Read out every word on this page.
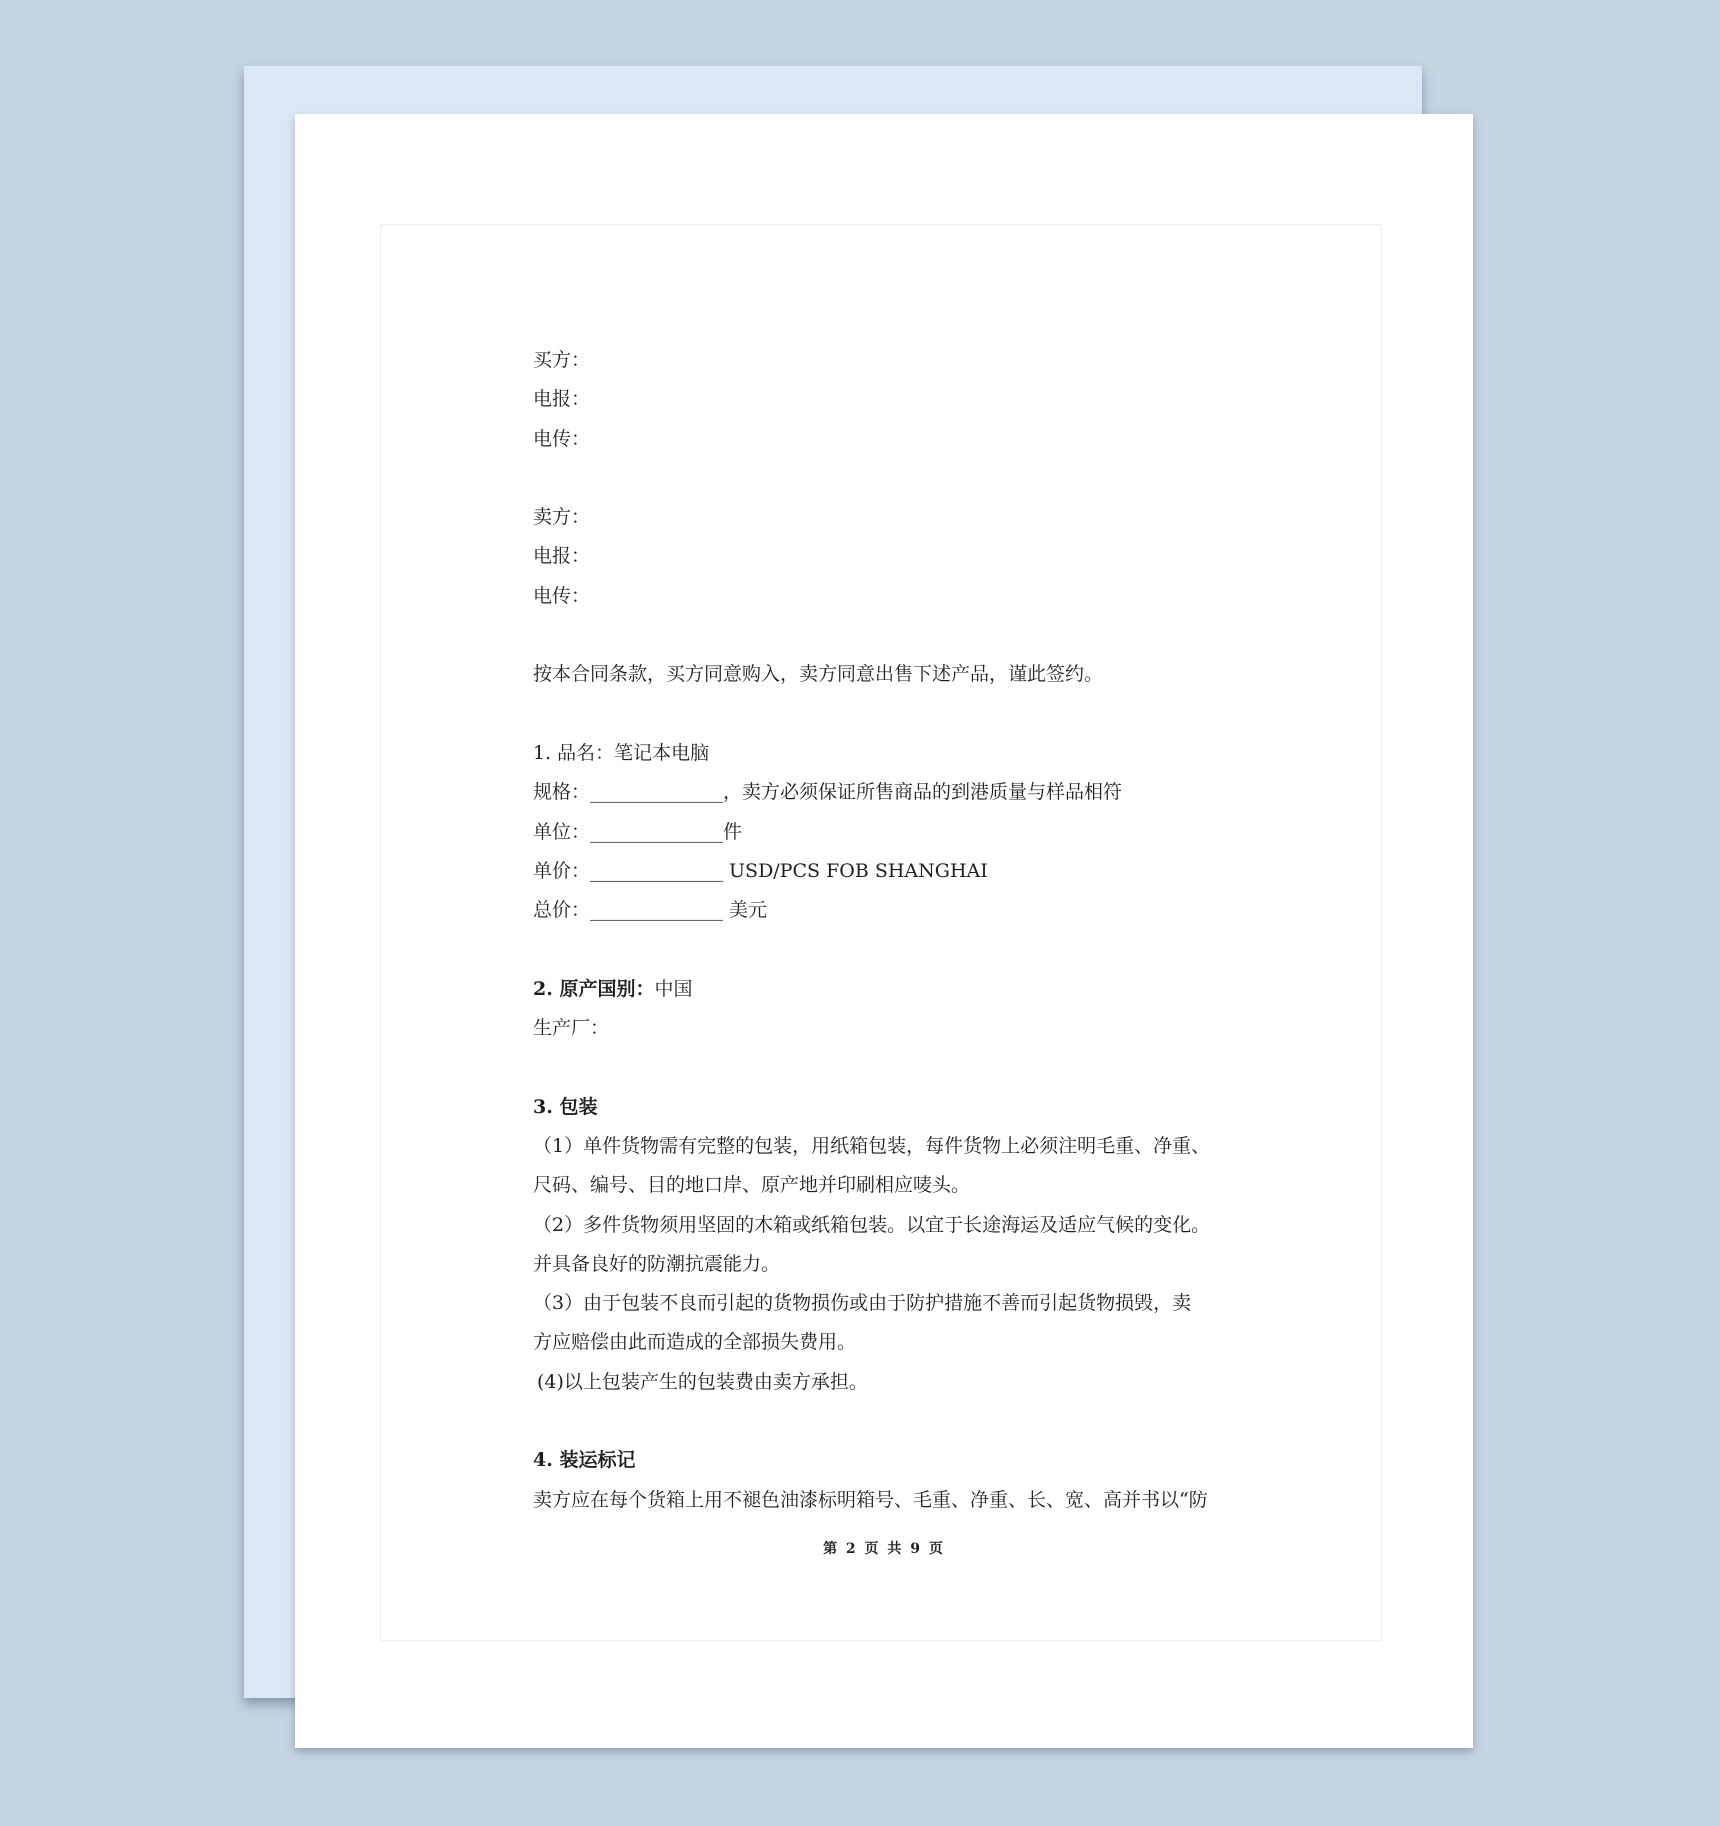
买方：
电报：
电传：
卖方：
电报：
电传：
按本合同条款，买方同意购入，卖方同意出售下述产品，谨此签约。
1. 品名：笔记本电脑
规格：______________，卖方必须保证所售商品的到港质量与样品相符
单位：______________件
单价：______________ USD/PCS FOB SHANGHAI
总价：______________ 美元
2. 原产国别：中国
生产厂：
3. 包装
（1）单件货物需有完整的包装，用纸箱包装，每件货物上必须注明毛重、净重、
尺码、编号、目的地口岸、原产地并印刷相应唛头。
（2）多件货物须用坚固的木箱或纸箱包装。以宜于长途海运及适应气候的变化。
并具备良好的防潮抗震能力。
（3）由于包装不良而引起的货物损伤或由于防护措施不善而引起货物损毁，卖
方应赔偿由此而造成的全部损失费用。
(4)以上包装产生的包装费由卖方承担。
4. 装运标记
卖方应在每个货箱上用不褪色油漆标明箱号、毛重、净重、长、宽、高并书以“防
第 2 页 共 9 页
